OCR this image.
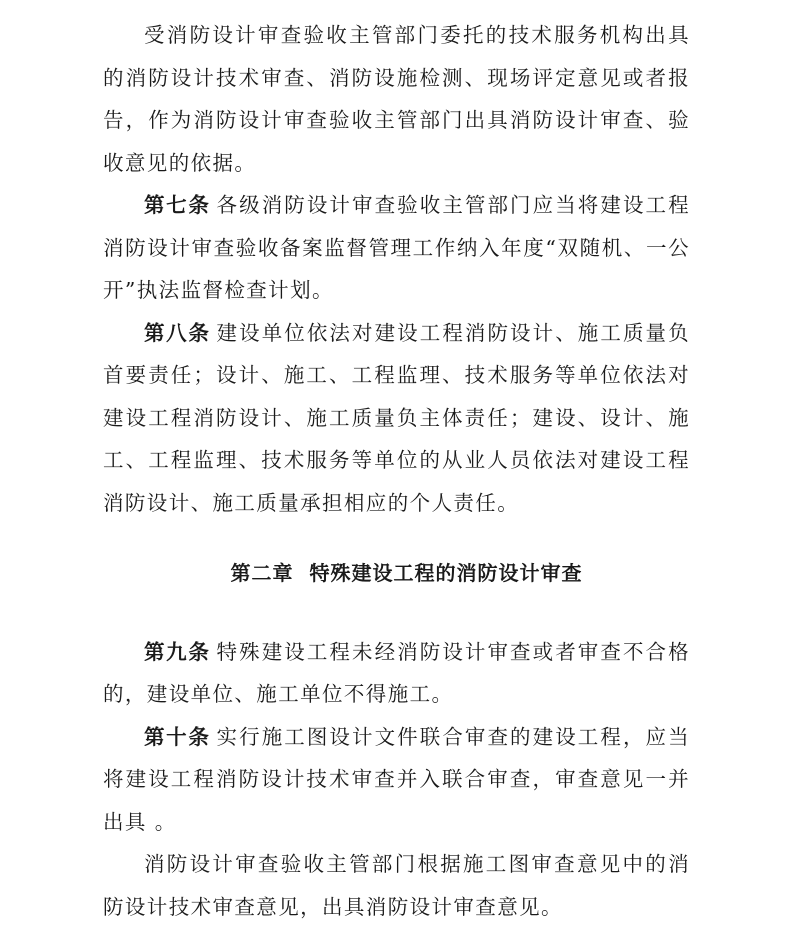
受消防设计审查验收主管部门委托的技术服务机构出具的消防设计技术审查、消防设施检测、现场评定意见或者报告，作为消防设计审查验收主管部门出具消防设计审查、验收意见的依据。

第七条 各级消防设计审查验收主管部门应当将建设工程消防设计审查验收备案监督管理工作纳入年度“双随机、一公开”执法监督检查计划。

第八条 建设单位依法对建设工程消防设计、施工质量负首要责任；设计、施工、工程监理、技术服务等单位依法对建设工程消防设计、施工质量负主体责任；建设、设计、施工、工程监理、技术服务等单位的从业人员依法对建设工程消防设计、施工质量承担相应的个人责任。

第二章  特殊建设工程的消防设计审查

第九条 特殊建设工程未经消防设计审查或者审查不合格的，建设单位、施工单位不得施工。

第十条 实行施工图设计文件联合审查的建设工程，应当将建设工程消防设计技术审查并入联合审查，审查意见一并出具 。

消防设计审查验收主管部门根据施工图审查意见中的消防设计技术审查意见，出具消防设计审查意见。
